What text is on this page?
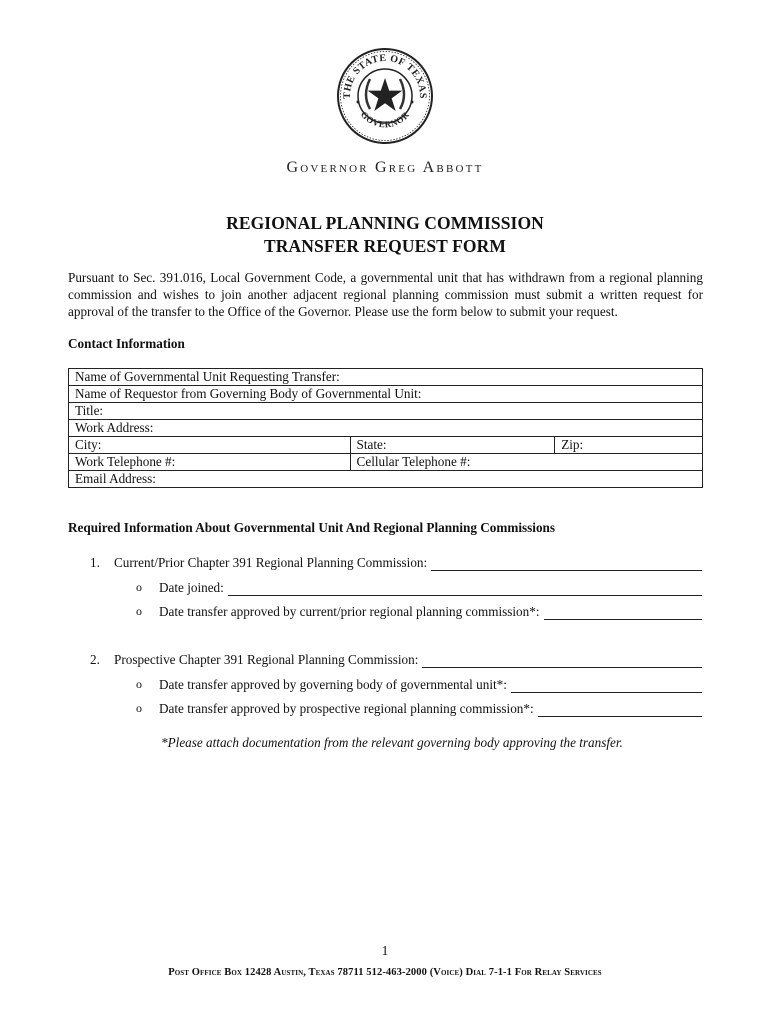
THE STATE OF TEXAS
GOVERNOR
Governor Greg Abbott
REGIONAL PLANNING COMMISSION
TRANSFER REQUEST FORM
Pursuant to Sec. 391.016, Local Government Code, a governmental unit that has withdrawn from a regional planning commission and wishes to join another adjacent regional planning commission must submit a written request for approval of the transfer to the Office of the Governor. Please use the form below to submit your request.
Contact Information
Name of Governmental Unit Requesting Transfer:		
Name of Requestor from Governing Body of Governmental Unit:		
Title:		
Work Address:		
City:	State:	Zip:
Work Telephone #:	Cellular Telephone #:	
Email Address:		
Required Information About Governmental Unit And Regional Planning Commissions
1.	Current/Prior Chapter 391 Regional Planning Commission:
o	Date joined:
o	Date transfer approved by current/prior regional planning commission*:
2.	Prospective Chapter 391 Regional Planning Commission:
o	Date transfer approved by governing body of governmental unit*:
o	Date transfer approved by prospective regional planning commission*:
*Please attach documentation from the relevant governing body approving the transfer.
1
Post Office Box 12428 Austin, Texas 78711 512-463-2000 (Voice) Dial 7-1-1 For Relay Services
